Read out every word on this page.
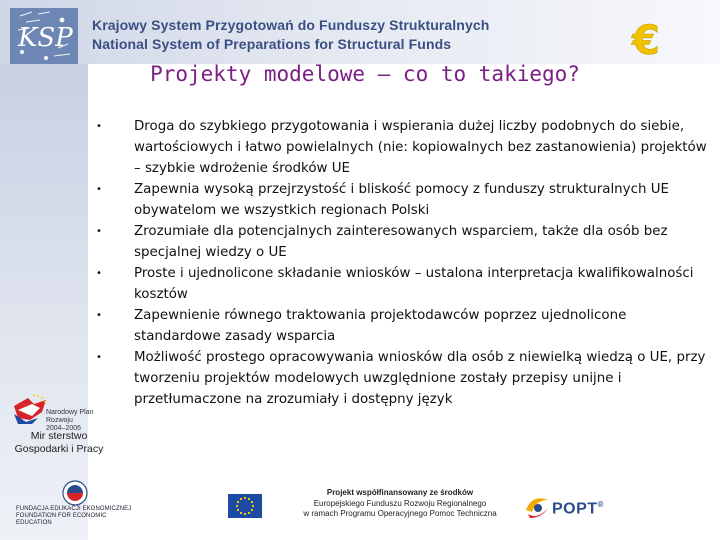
KSP Krajowy System Przygotowań do Funduszy Strukturalnych
National System of Preparations for Structural Funds	€
Narodowy Plan
Rozwoju
2004–2006
Mir sterstwo
Gospodarki i Pracy
FUNDACJA EDUKACJI EKONOMICZNEJ
FOUNDATION FOR ECONOMIC EDUCATION
Projekty modelowe – co to takiego?
•	Droga do szybkiego przygotowania i wspierania dużej liczby podobnych do siebie, wartościowych i łatwo powielalnych (nie: kopiowalnych bez zastanowienia) projektów – szybkie wdrożenie środków UE
•	Zapewnia wysoką przejrzystość i bliskość pomocy z funduszy strukturalnych UE obywatelom we wszystkich regionach Polski
•	Zrozumiałe dla potencjalnych zainteresowanych wsparciem, także dla osób bez specjalnej wiedzy o UE
•	Proste i ujednolicone składanie wniosków – ustalona interpretacja kwalifikowalności kosztów
•	Zapewnienie równego traktowania projektodawców poprzez ujednolicone standardowe zasady wsparcia
•	Możliwość prostego opracowywania wniosków dla osób z niewielką wiedzą o UE, przy tworzeniu projektów modelowych uwzględnione zostały przepisy unijne i przetłumaczone na zrozumiały i dostępny język
Projekt współfinansowany ze środków
Europejskiego Funduszu Rozwoju Regionalnego
w ramach Programu Operacyjnego Pomoc Techniczna	POPT®
